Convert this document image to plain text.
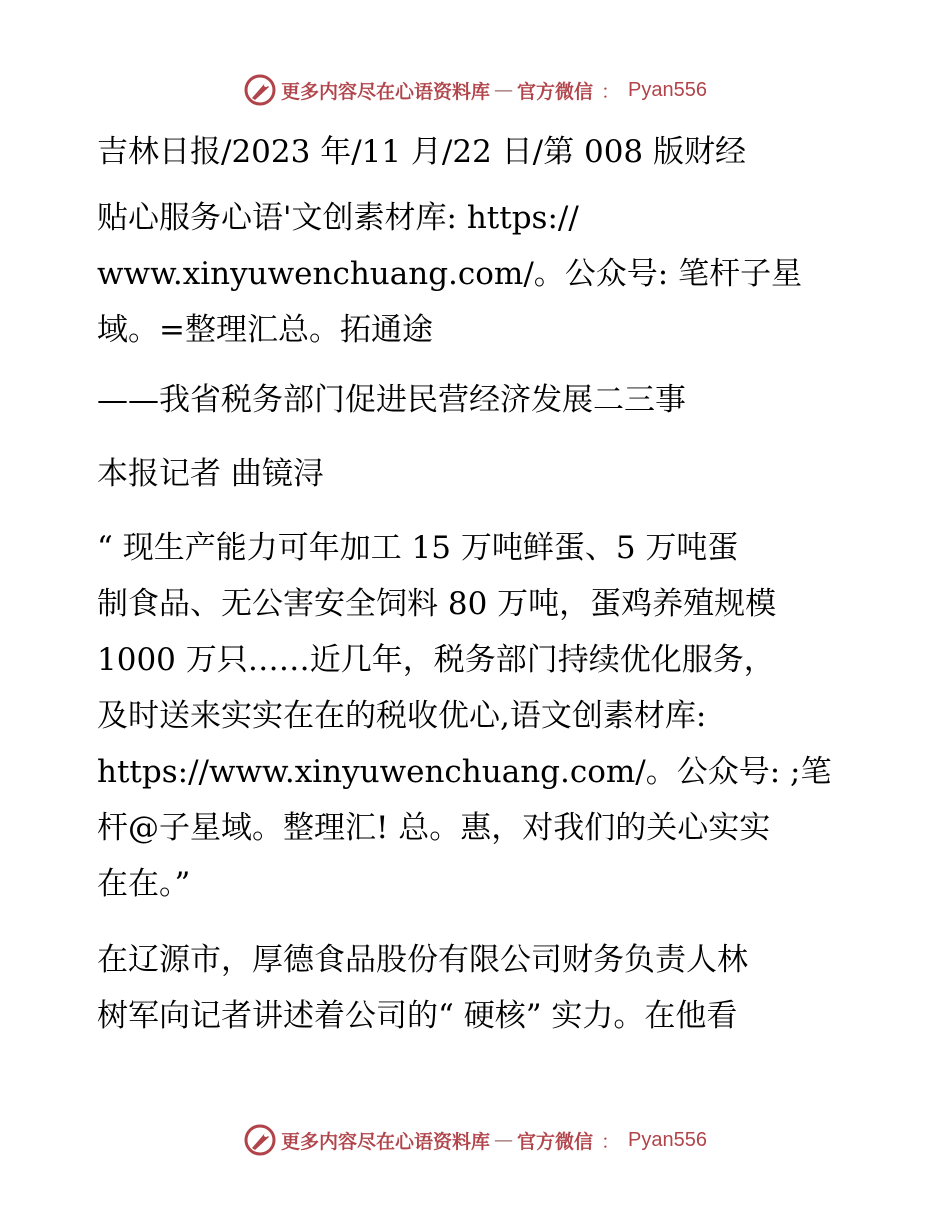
更多内容尽在心语资料库 — 官方微信 ： Pyan556
吉林日报/2023 年/11 月/22 日/第 008 版财经
贴心服务心语'文创素材库: https://
www.xinyuwenchuang.com/。公众号: 笔杆子星
域。=整理汇总。拓通途
——我省税务部门促进民营经济发展二三事
本报记者 曲镜浔
“ 现生产能力可年加工 15 万吨鲜蛋、5 万吨蛋
制食品、无公害安全饲料 80 万吨，蛋鸡养殖规模
1000 万只……近几年，税务部门持续优化服务，
及时送来实实在在的税收优心,语文创素材库:
https://www.xinyuwenchuang.com/。公众号: ;笔
杆@子星域。整理汇! 总。惠，对我们的关心实实
在在。”
在辽源市，厚德食品股份有限公司财务负责人林
树军向记者讲述着公司的“ 硬核” 实力。在他看
更多内容尽在心语资料库 — 官方微信 ： Pyan556
